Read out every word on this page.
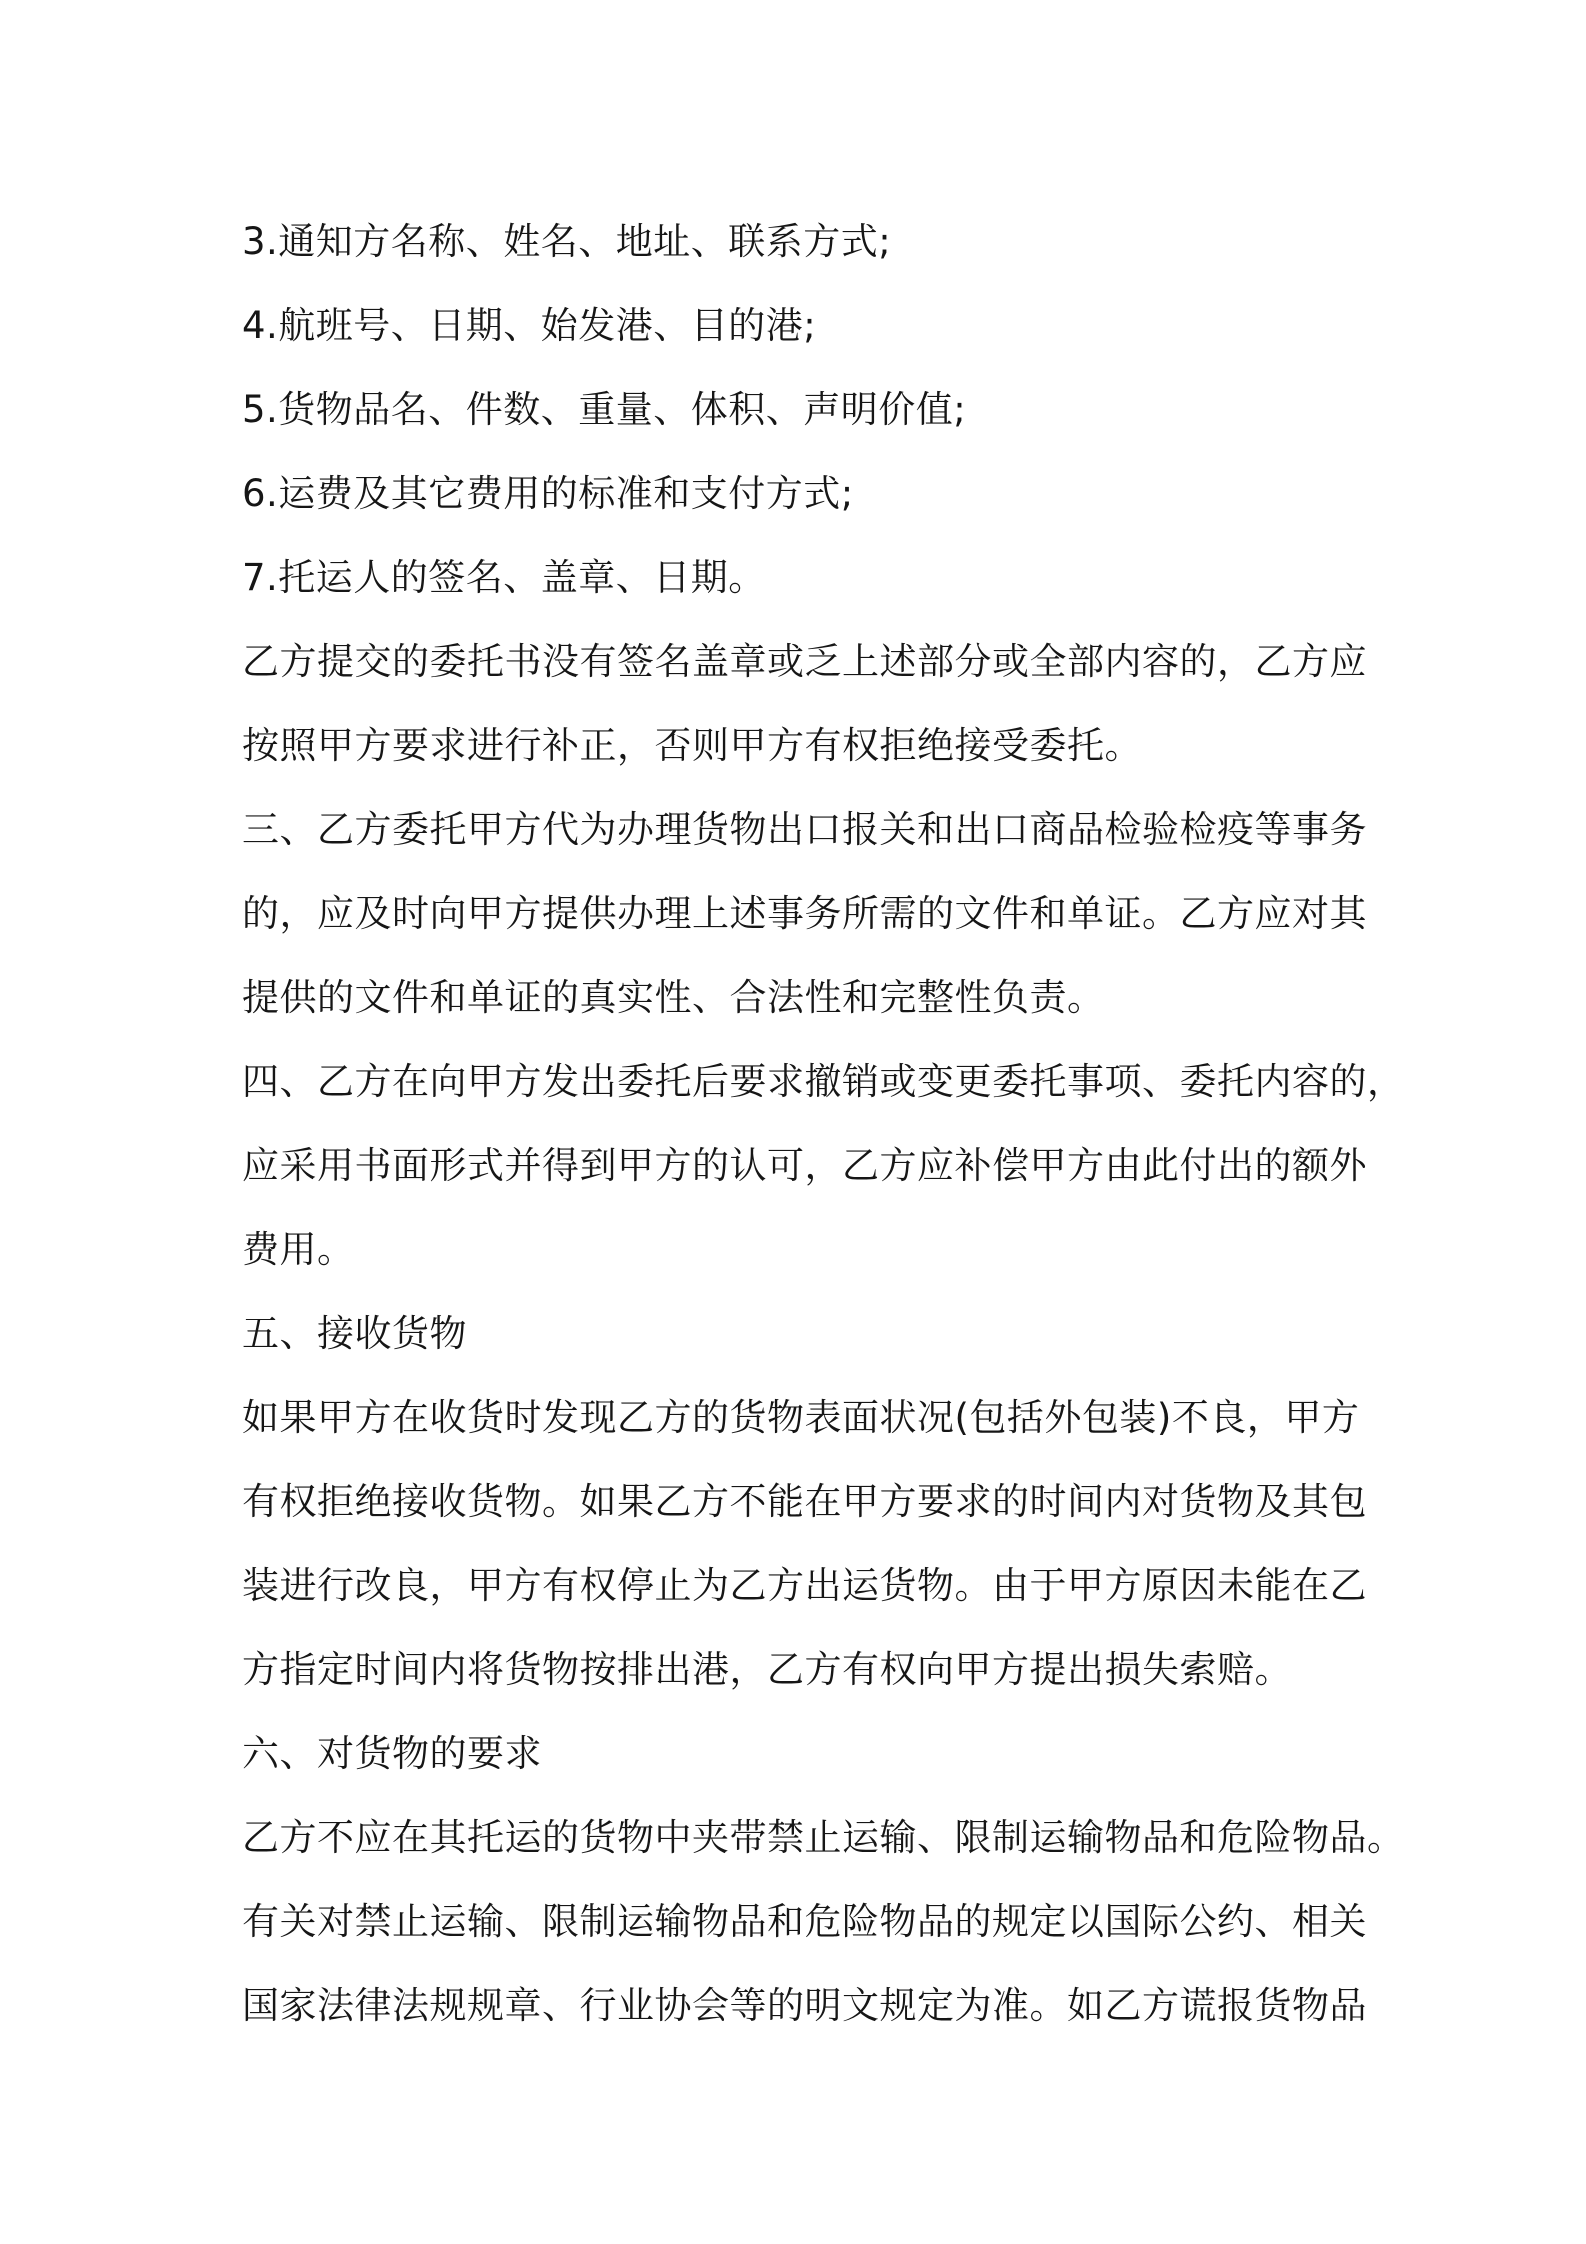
3.通知方名称、姓名、地址、联系方式;
4.航班号、日期、始发港、目的港;
5.货物品名、件数、重量、体积、声明价值;
6.运费及其它费用的标准和支付方式;
7.托运人的签名、盖章、日期。
乙方提交的委托书没有签名盖章或乏上述部分或全部内容的，乙方应
按照甲方要求进行补正，否则甲方有权拒绝接受委托。
三、乙方委托甲方代为办理货物出口报关和出口商品检验检疫等事务
的，应及时向甲方提供办理上述事务所需的文件和单证。乙方应对其
提供的文件和单证的真实性、合法性和完整性负责。
四、乙方在向甲方发出委托后要求撤销或变更委托事项、委托内容的，
应采用书面形式并得到甲方的认可，乙方应补偿甲方由此付出的额外
费用。
五、接收货物
如果甲方在收货时发现乙方的货物表面状况(包括外包装)不良，甲方
有权拒绝接收货物。如果乙方不能在甲方要求的时间内对货物及其包
装进行改良，甲方有权停止为乙方出运货物。由于甲方原因未能在乙
方指定时间内将货物按排出港，乙方有权向甲方提出损失索赔。
六、对货物的要求
乙方不应在其托运的货物中夹带禁止运输、限制运输物品和危险物品。
有关对禁止运输、限制运输物品和危险物品的规定以国际公约、相关
国家法律法规规章、行业协会等的明文规定为准。如乙方谎报货物品
